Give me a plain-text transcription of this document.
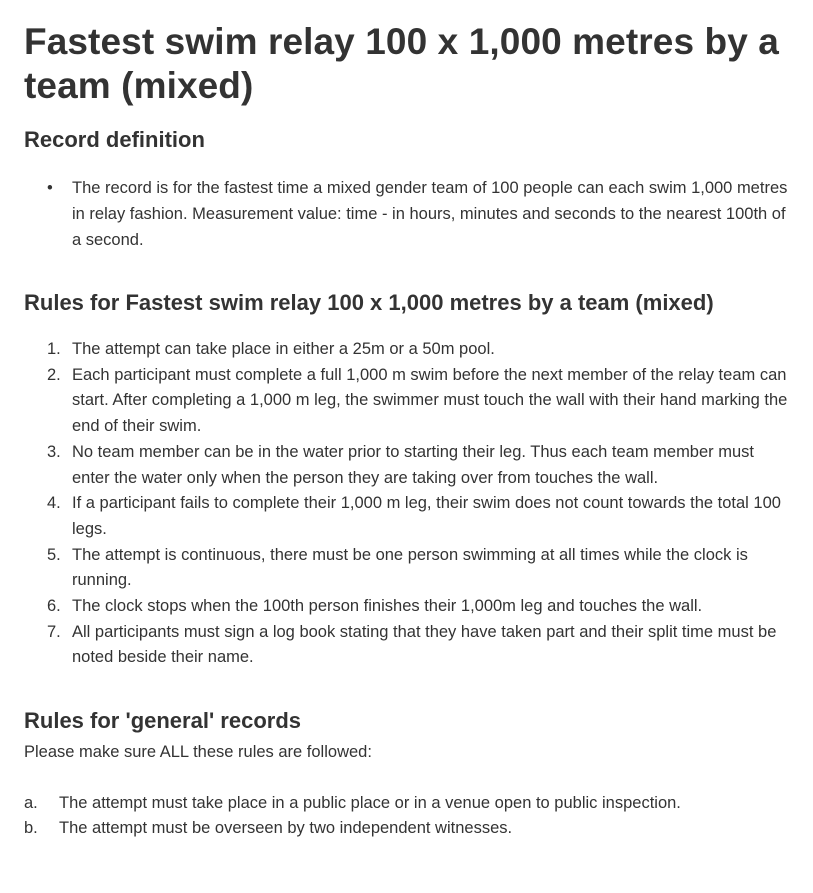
Fastest swim relay 100 x 1,000 metres by a team (mixed)
Record definition
• The record is for the fastest time a mixed gender team of 100 people can each swim 1,000 metres in relay fashion. Measurement value: time - in hours, minutes and seconds to the nearest 100th of a second.
Rules for Fastest swim relay 100 x 1,000 metres by a team (mixed)
1. The attempt can take place in either a 25m or a 50m pool.
2. Each participant must complete a full 1,000 m swim before the next member of the relay team can start. After completing a 1,000 m leg, the swimmer must touch the wall with their hand marking the end of their swim.
3. No team member can be in the water prior to starting their leg. Thus each team member must enter the water only when the person they are taking over from touches the wall.
4. If a participant fails to complete their 1,000 m leg, their swim does not count towards the total 100 legs.
5. The attempt is continuous, there must be one person swimming at all times while the clock is running.
6. The clock stops when the 100th person finishes their 1,000m leg and touches the wall.
7. All participants must sign a log book stating that they have taken part and their split time must be noted beside their name.
Rules for 'general' records

Please make sure ALL these rules are followed:

a. The attempt must take place in a public place or in a venue open to public inspection.
b. The attempt must be overseen by two independent witnesses.
